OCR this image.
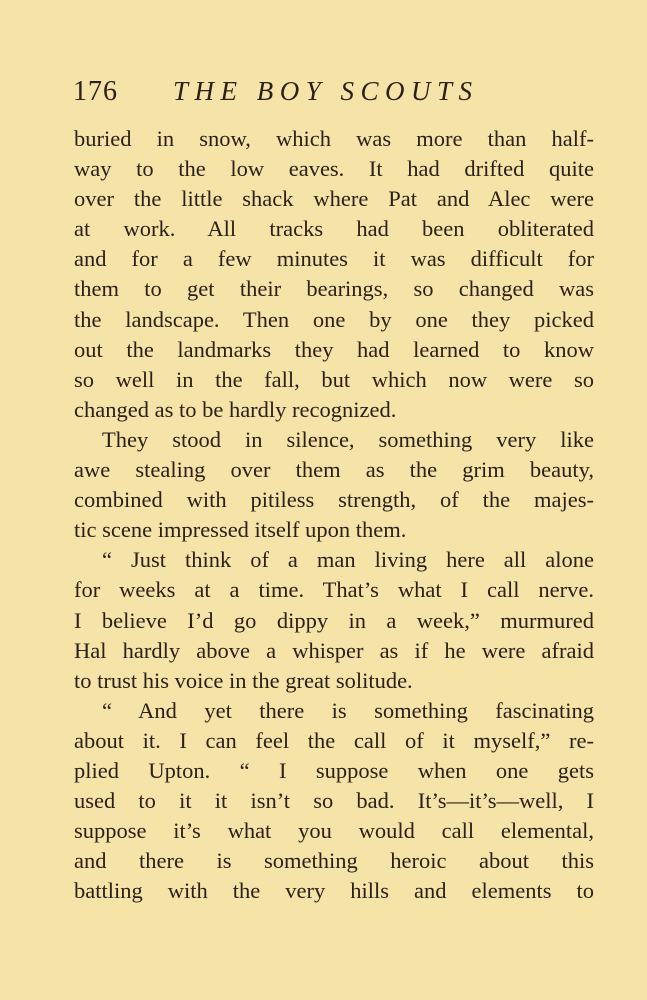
176 THE BOY SCOUTS
buried in snow, which was more than half-
way to the low eaves. It had drifted quite
over the little shack where Pat and Alec were
at work. All tracks had been obliterated
and for a few minutes it was difficult for
them to get their bearings, so changed was
the landscape. Then one by one they picked
out the landmarks they had learned to know
so well in the fall, but which now were so
changed as to be hardly recognized.
They stood in silence, something very like
awe stealing over them as the grim beauty,
combined with pitiless strength, of the majes-
tic scene impressed itself upon them.
“ Just think of a man living here all alone
for weeks at a time. That’s what I call nerve.
I believe I’d go dippy in a week,” murmured
Hal hardly above a whisper as if he were afraid
to trust his voice in the great solitude.
“ And yet there is something fascinating
about it. I can feel the call of it myself,” re-
plied Upton. “ I suppose when one gets
used to it it isn’t so bad. It’s—it’s—well, I
suppose it’s what you would call elemental,
and there is something heroic about this
battling with the very hills and elements to
